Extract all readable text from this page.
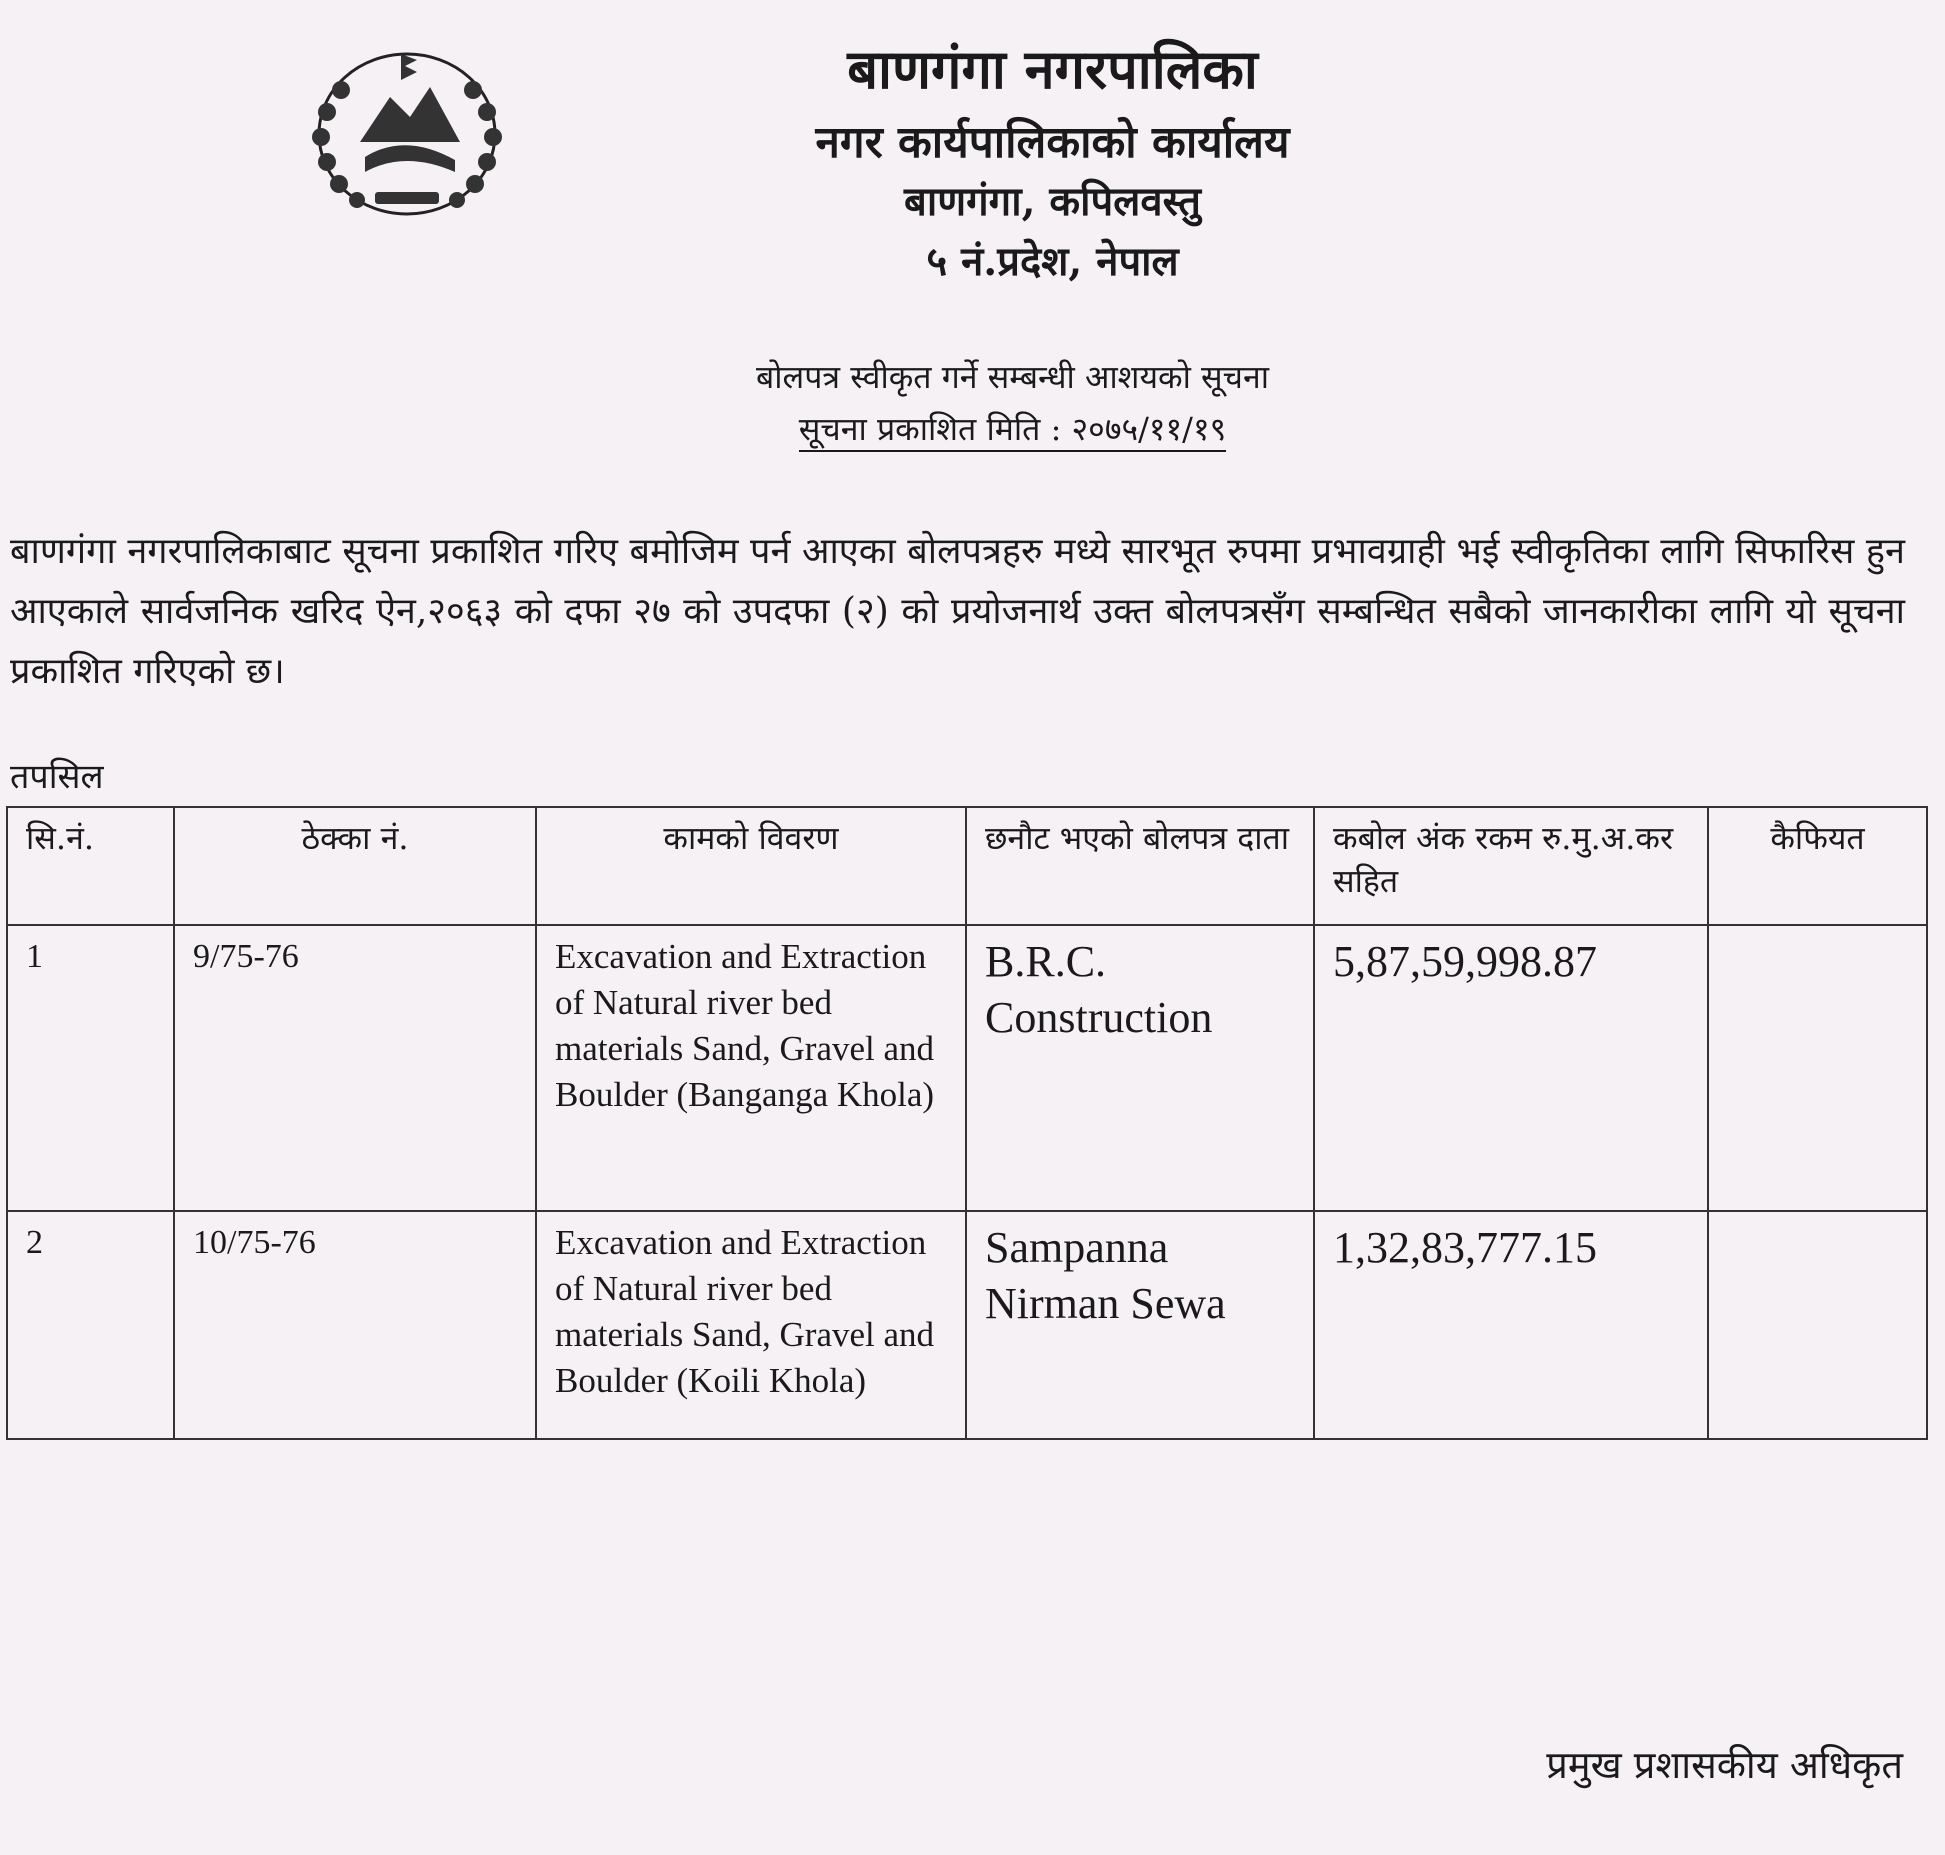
बाणगंगा नगरपालिका
नगर कार्यपालिकाको कार्यालय
बाणगंगा, कपिलवस्तु
५ नं.प्रदेश, नेपाल
बोलपत्र स्वीकृत गर्ने सम्बन्धी आशयको सूचना
सूचना प्रकाशित मिति : २०७५/११/१९
बाणगंगा नगरपालिकाबाट सूचना प्रकाशित गरिए बमोजिम पर्न आएका बोलपत्रहरु मध्ये सारभूत रुपमा प्रभावग्राही भई स्वीकृतिका लागि सिफारिस हुन आएकाले सार्वजनिक खरिद ऐन,२०६३ को दफा २७ को उपदफा (२) को प्रयोजनार्थ उक्त बोलपत्रसँग सम्बन्धित सबैको जानकारीका लागि यो सूचना प्रकाशित गरिएको छ।
तपसिल
सि.नं.	ठेक्का नं.	कामको विवरण	छनौट भएको बोलपत्र दाता	कबोल अंक रकम रु.मु.अ.कर सहित	कैफियत
1	9/75-76	Excavation and Extraction of Natural river bed materials Sand, Gravel and Boulder (Banganga Khola)	B.R.C. Construction	5,87,59,998.87	
2	10/75-76	Excavation and Extraction of Natural river bed materials Sand, Gravel and Boulder (Koili Khola)	Sampanna Nirman Sewa	1,32,83,777.15	
प्रमुख प्रशासकीय अधिकृत
